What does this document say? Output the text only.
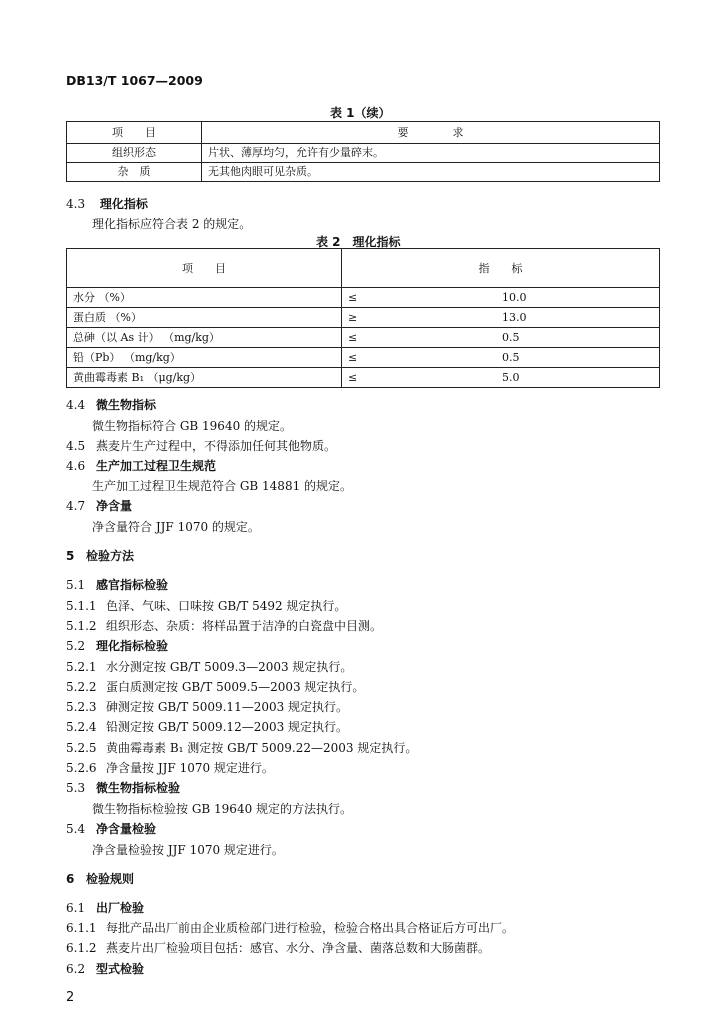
DB13/T 1067—2009
表 1（续）
项　　目	要　　　　求
组织形态	片状、薄厚均匀，允许有少量碎末。
杂　质	无其他肉眼可见杂质。
4.3 理化指标
理化指标应符合表 2 的规定。
表 2　理化指标
项　　目	指　　标	
水分 （%）	≤	10.0
蛋白质 （%）	≥	13.0
总砷（以 As 计） （mg/kg）	≤	0.5
铅（Pb） （mg/kg）	≤	0.5
黄曲霉毒素 B₁ （μg/kg）	≤	5.0
4.4 微生物指标
微生物指标符合 GB 19640 的规定。
4.5 燕麦片生产过程中，不得添加任何其他物质。
4.6 生产加工过程卫生规范
生产加工过程卫生规范符合 GB 14881 的规定。
4.7 净含量
净含量符合 JJF 1070 的规定。
5 检验方法
5.1 感官指标检验
5.1.1 色泽、气味、口味按 GB/T 5492 规定执行。
5.1.2 组织形态、杂质：将样品置于洁净的白瓷盘中目测。
5.2 理化指标检验
5.2.1 水分测定按 GB/T 5009.3—2003 规定执行。
5.2.2 蛋白质测定按 GB/T 5009.5—2003 规定执行。
5.2.3 砷测定按 GB/T 5009.11—2003 规定执行。
5.2.4 铅测定按 GB/T 5009.12—2003 规定执行。
5.2.5 黄曲霉毒素 B₁ 测定按 GB/T 5009.22—2003 规定执行。
5.2.6 净含量按 JJF 1070 规定进行。
5.3 微生物指标检验
微生物指标检验按 GB 19640 规定的方法执行。
5.4 净含量检验
净含量检验按 JJF 1070 规定进行。
6 检验规则
6.1 出厂检验
6.1.1 每批产品出厂前由企业质检部门进行检验，检验合格出具合格证后方可出厂。
6.1.2 燕麦片出厂检验项目包括：感官、水分、净含量、菌落总数和大肠菌群。
6.2 型式检验
2
